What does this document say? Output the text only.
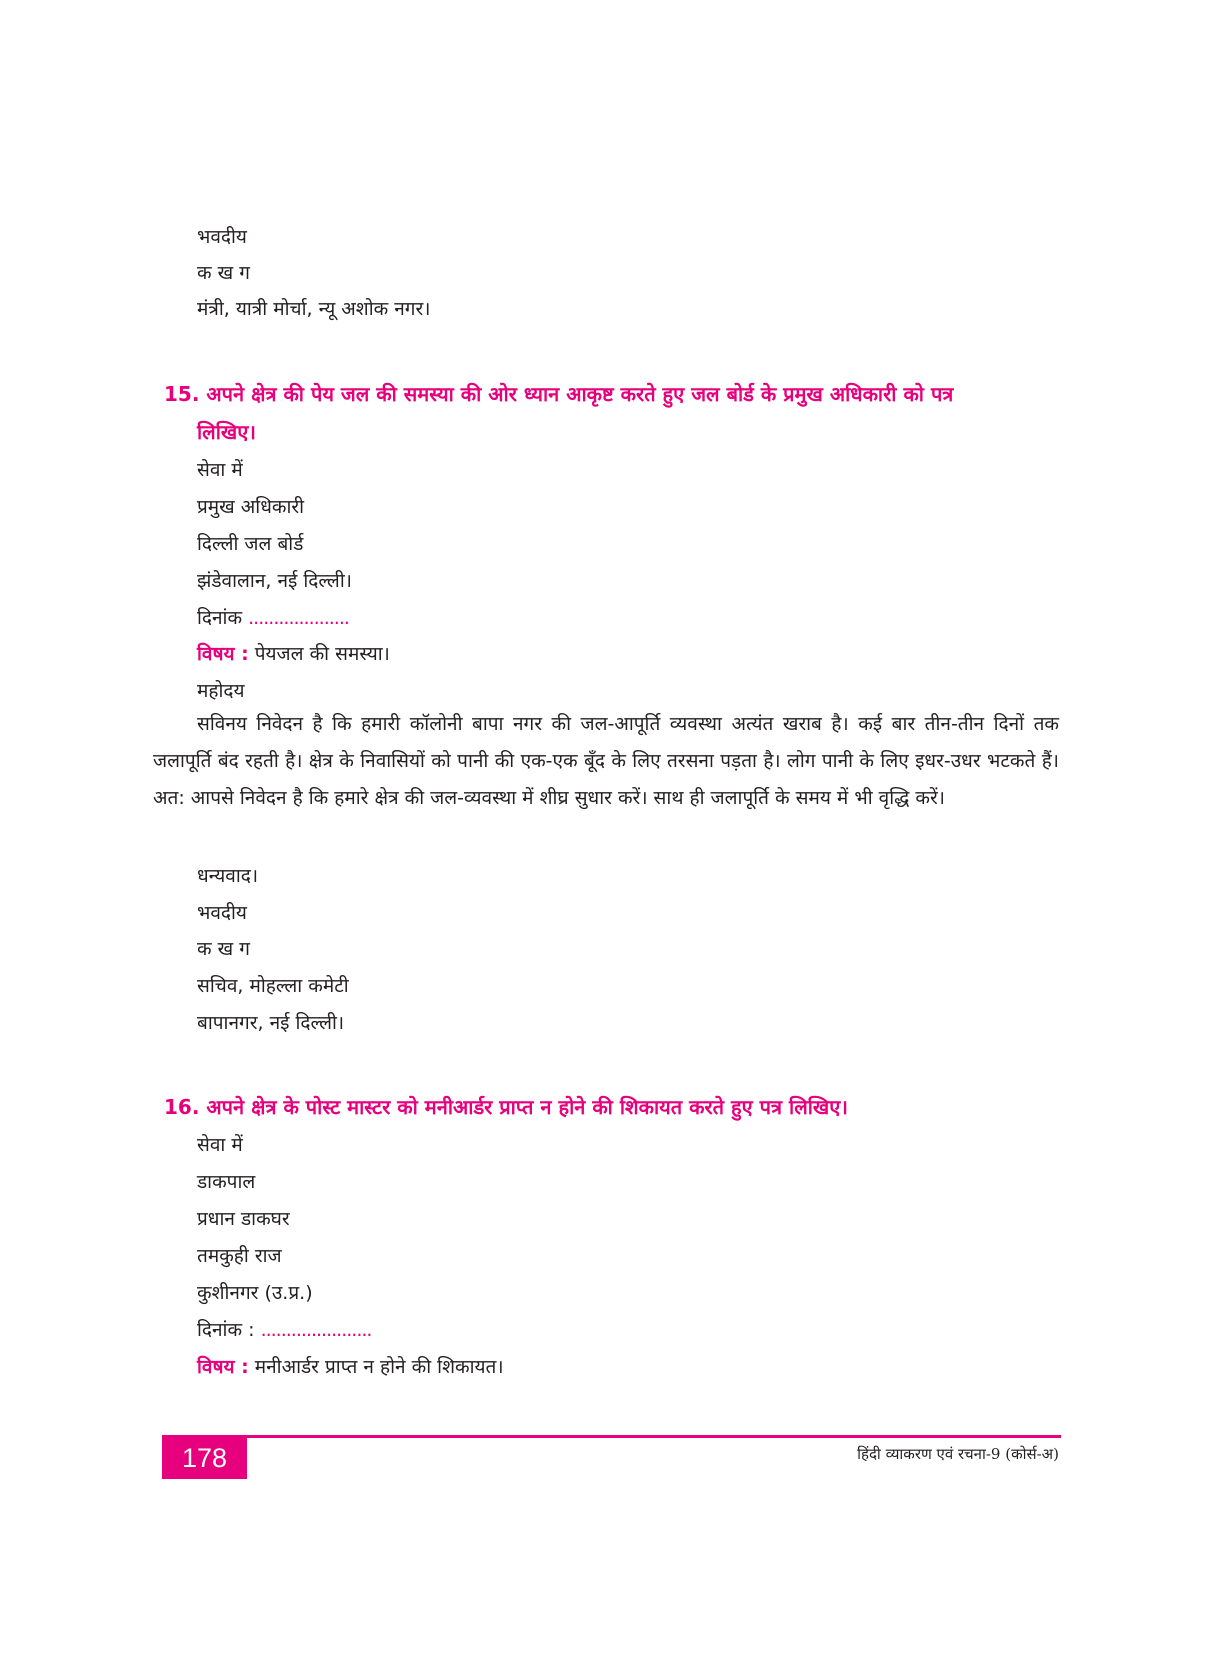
भवदीय
क ख ग
मंत्री, यात्री मोर्चा, न्यू अशोक नगर।
15. अपने क्षेत्र की पेय जल की समस्या की ओर ध्यान आकृष्ट करते हुए जल बोर्ड के प्रमुख अधिकारी को पत्र
लिखिए।
सेवा में
प्रमुख अधिकारी
दिल्ली जल बोर्ड
झंडेवालान, नई दिल्ली।
दिनांक ....................
विषय : पेयजल की समस्या।
महोदय
सविनय निवेदन है कि हमारी कॉलोनी बापा नगर की जल-आपूर्ति व्यवस्था अत्यंत खराब है। कई बार तीन-तीन दिनों तक जलापूर्ति बंद रहती है। क्षेत्र के निवासियों को पानी की एक-एक बूँद के लिए तरसना पड़ता है। लोग पानी के लिए इधर-उधर भटकते हैं। अत: आपसे निवेदन है कि हमारे क्षेत्र की जल-व्यवस्था में शीघ्र सुधार करें। साथ ही जलापूर्ति के समय में भी वृद्धि करें।
धन्यवाद।
भवदीय
क ख ग
सचिव, मोहल्ला कमेटी
बापानगर, नई दिल्ली।
16. अपने क्षेत्र के पोस्ट मास्टर को मनीआर्डर प्राप्त न होने की शिकायत करते हुए पत्र लिखिए।
सेवा में
डाकपाल
प्रधान डाकघर
तमकुही राज
कुशीनगर (उ.प्र.)
दिनांक : ......................
विषय : मनीआर्डर प्राप्त न होने की शिकायत।
178	हिंदी व्याकरण एवं रचना-9 (कोर्स-अ)
